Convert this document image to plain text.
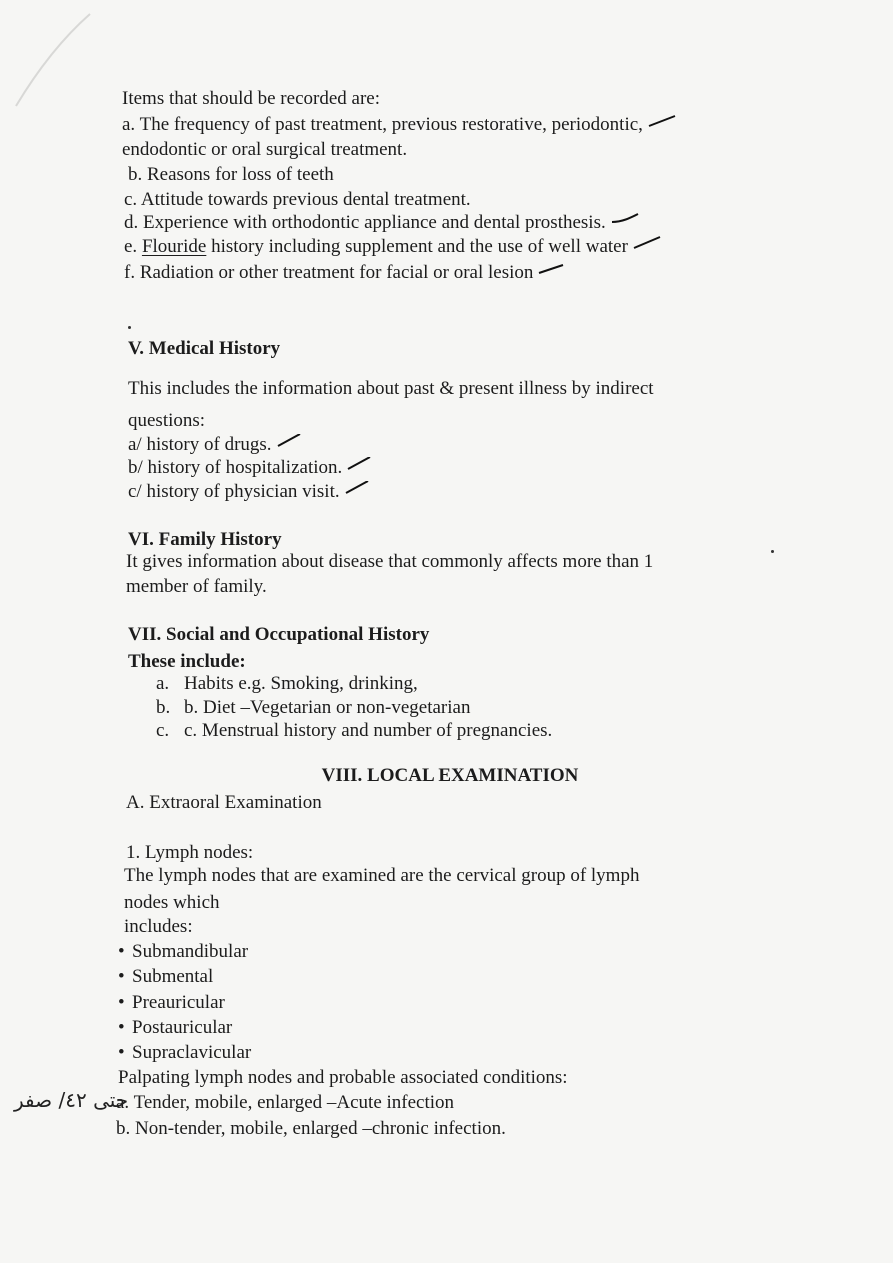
Items that should be recorded are:
a. The frequency of past treatment, previous restorative, periodontic,
endodontic or oral surgical treatment.
b. Reasons for loss of teeth
c. Attitude towards previous dental treatment.
d. Experience with orthodontic appliance and dental prosthesis.
e. Flouride history including supplement and the use of well water
f. Radiation or other treatment for facial or oral lesion
V. Medical History
This includes the information about past & present illness by indirect
questions:
a/ history of drugs.
b/ history of hospitalization.
c/ history of physician visit.
VI. Family History
It gives information about disease that commonly affects more than 1
member of family.
VII. Social and Occupational History
These include:
a. Habits e.g. Smoking, drinking,
b. b. Diet –Vegetarian or non-vegetarian
c. c. Menstrual history and number of pregnancies.
VIII. LOCAL EXAMINATION
A. Extraoral Examination
1. Lymph nodes:
The lymph nodes that are examined are the cervical group of lymph
nodes which
includes:
• Submandibular
• Submental
• Preauricular
• Postauricular
• Supraclavicular
Palpating lymph nodes and probable associated conditions:
a. Tender, mobile, enlarged –Acute infection
b. Non-tender, mobile, enlarged –chronic infection.
حتى ٤٢/ صفر
